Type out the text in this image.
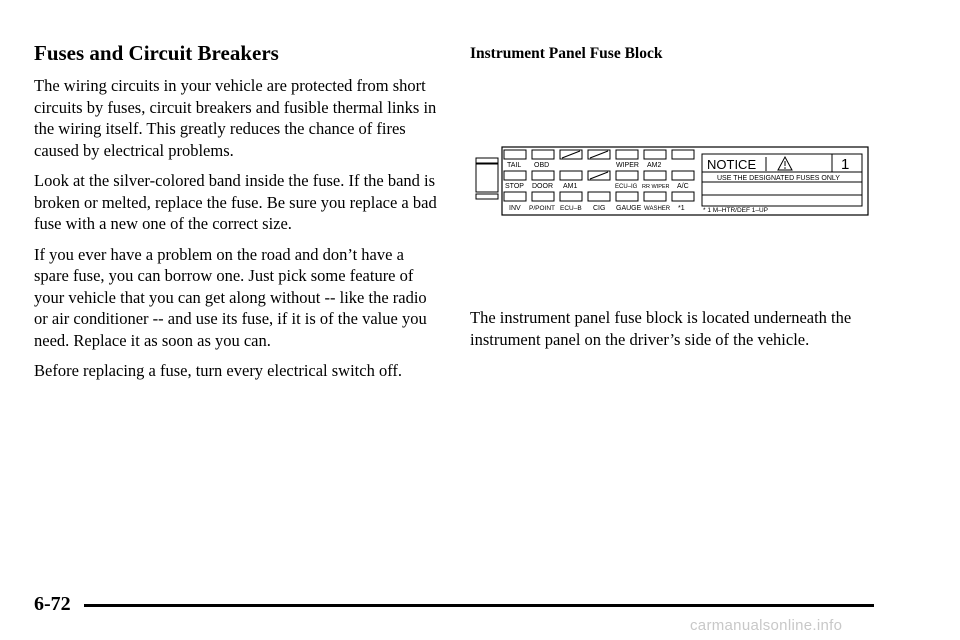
Fuses and Circuit Breakers

The wiring circuits in your vehicle are protected from short circuits by fuses, circuit breakers and fusible thermal links in the wiring itself. This greatly reduces the chance of fires caused by electrical problems.

Look at the silver-colored band inside the fuse. If the band is broken or melted, replace the fuse. Be sure you replace a bad fuse with a new one of the correct size.

If you ever have a problem on the road and don’t have a spare fuse, you can borrow one. Just pick some feature of your vehicle that you can get along without -- like the radio or air conditioner -- and use its fuse, if it is of the value you need. Replace it as soon as you can.

Before replacing a fuse, turn every electrical switch off.

Instrument Panel Fuse Block

The instrument panel fuse block is located underneath the instrument panel on the driver’s side of the vehicle.

TAIL OBD	WIPER AM2
STOP DOOR AM1	ECU–IG RR WIPER A/C
INV P/POINT ECU–B CIG GAUGE WASHER *1
NOTICE	1
USE THE DESIGNATED FUSES ONLY
* 1 M–HTR/DEF 1–UP
6-72
carmanualsonline.info
